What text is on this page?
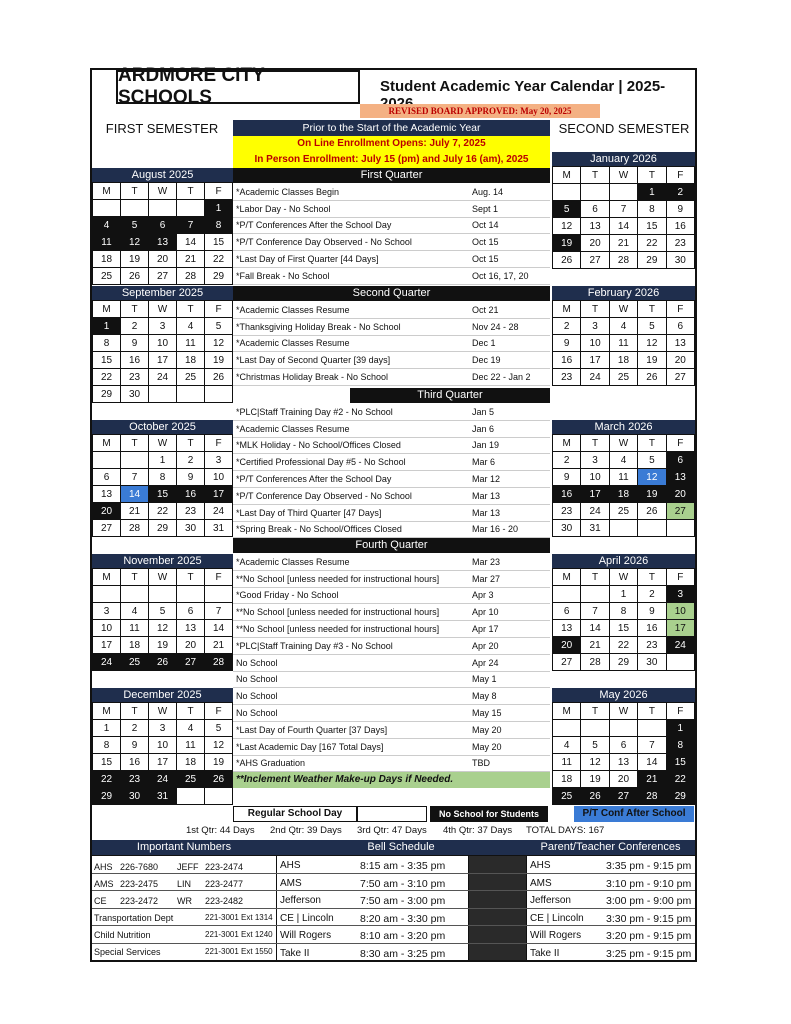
ARDMORE CITY SCHOOLS
Student Academic Year Calendar | 2025-
REVISED BOARD APPROVED: May 20, 2025
FIRST SEMESTER	SECOND SEMESTER
Prior to the Start of the Academic Year
On Line Enrollment Opens: July 7, 2025
In Person Enrollment: July 15 (pm) and July 16 (am), 2025
August 2025
M	T	W	T	F
				1
4	5	6	7	8
11	12	13	14	15
18	19	20	21	22
25	26	27	28	29
September 2025
M	T	W	T	F
1	2	3	4	5
8	9	10	11	12
15	16	17	18	19
22	23	24	25	26
29	30			
October 2025
M	T	W	T	F
		1	2	3
6	7	8	9	10
13	14	15	16	17
20	21	22	23	24
27	28	29	30	31
November 2025
M	T	W	T	F

3	4	5	6	7
10	11	12	13	14
17	18	19	20	21
24	25	26	27	28
December 2025
M	T	W	T	F
1	2	3	4	5
8	9	10	11	12
15	16	17	18	19
22	23	24	25	26
29	30	31		
January 2026
M	T	W	T	F
			1	2
5	6	7	8	9
12	13	14	15	16
19	20	21	22	23
26	27	28	29	30
February 2026
M	T	W	T	F
2	3	4	5	6
9	10	11	12	13
16	17	18	19	20
23	24	25	26	27
March 2026
M	T	W	T	F
2	3	4	5	6
9	10	11	12	13
16	17	18	19	20
23	24	25	26	27
30	31			
April 2026
M	T	W	T	F
		1	2	3
6	7	8	9	10
13	14	15	16	17
20	21	22	23	24
27	28	29	30	
May 2026
M	T	W	T	F
				1
4	5	6	7	8
11	12	13	14	15
18	19	20	21	22
25	26	27	28	29
*Academic Classes Begin	Aug. 14
*Labor Day - No School	Sept 1
*P/T Conferences After the School Day	Oct 14
*P/T Conference Day Observed - No School	Oct 15
*Last Day of First Quarter [44 Days]	Oct 15
*Fall Break - No School	Oct 16, 17, 20
*Academic Classes Resume	Oct 21
*Thanksgiving Holiday Break - No School	Nov 24 - 28
*Academic Classes Resume	Dec 1
*Last Day of Second Quarter [39 days]	Dec 19
*Christmas Holiday Break - No School	Dec 22 - Jan 2
*PLC|Staff Training Day #2 - No School	Jan 5
*Academic Classes Resume	Jan 6
*MLK Holiday - No School/Offices Closed	Jan 19
*Certified Professional Day #5 - No School	Mar 6
*P/T Conferences After the School Day	Mar 12
*P/T Conference Day Observed - No School	Mar 13
*Last Day of Third Quarter [47 Days]	Mar 13
*Spring Break - No School/Offices Closed	Mar 16 - 20
*Academic Classes Resume	Mar 23
**No School [unless needed for instructional hours]	Mar 27
*Good Friday - No School	Apr 3
**No School [unless needed for instructional hours]	Apr 10
**No School [unless needed for instructional hours]	Apr 17
*PLC|Staff Training Day #3 - No School	Apr 20
No School	Apr 24
No School	May 1
No School	May 8
No School	May 15
*Last Day of Fourth Quarter [37 Days]	May 20
*Last Academic Day [167 Total Days]	May 20
*AHS Graduation	TBD
First Quarter
Second Quarter
Third Quarter
Fourth Quarter
**Inclement Weather Make-up Days if Needed.
Regular School Day	No School for Students	P/T Conf After School
1st Qtr: 44 Days 2nd Qtr: 39 Days 3rd Qtr: 47 Days 4th Qtr: 37 Days TOTAL DAYS: 167
Important Numbers	Bell Schedule	Parent/Teacher Conferences
AHS 226-7680 JEFF 223-2474
AMS 223-2475 LIN 223-2477
CE 223-2472 WR 223-2482
Transportation Dept	221-3001 Ext 1314
Child Nutrition	221-3001 Ext 1240
Special Services	221-3001 Ext 1550
AHS	8:15 am - 3:35 pm
AMS	7:50 am - 3:10 pm
Jefferson	7:50 am - 3:00 pm
CE | Lincoln	8:20 am - 3:30 pm
Will Rogers	8:10 am - 3:20 pm
Take II	8:30 am - 3:25 pm
AHS	3:35 pm - 9:15 pm
AMS	3:10 pm - 9:10 pm
Jefferson	3:00 pm - 9:00 pm
CE | Lincoln 3:30 pm - 9:15 pm
Will Rogers 3:20 pm - 9:15 pm
Take II	3:25 pm - 9:15 pm
